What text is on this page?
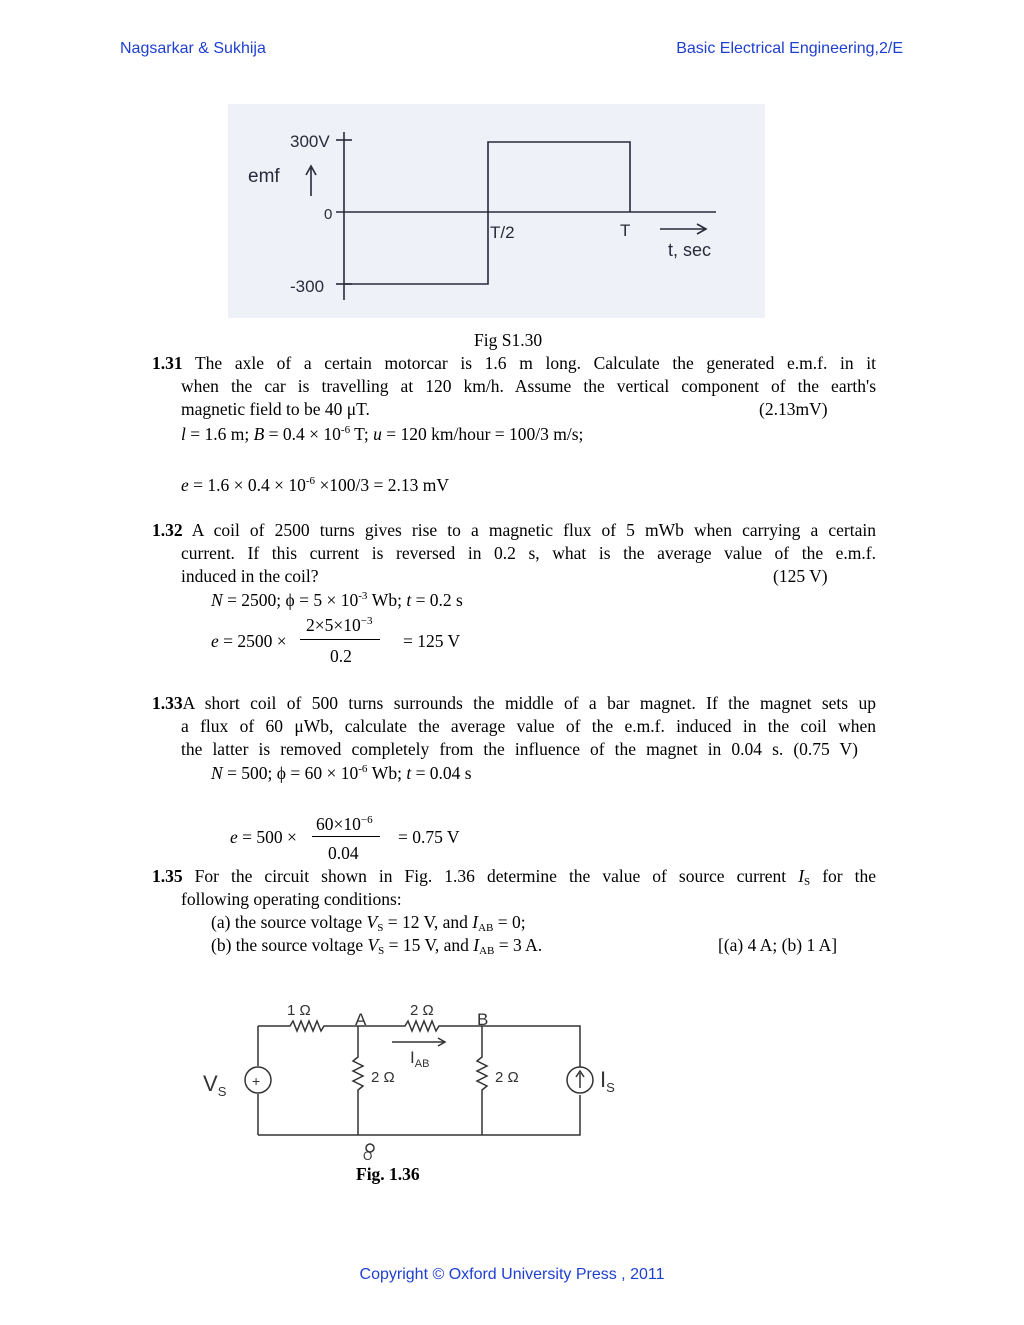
Nagsarkar & Sukhija	Basic Electrical Engineering,2/E
300V
emf
0
-300
T/2	T
t, sec
Fig S1.30
1.31 The axle of a certain motorcar is 1.6 m long. Calculate the generated e.m.f. in it
when the car is travelling at 120 km/h. Assume the vertical component of the earth's
magnetic field to be 40 μT.	(2.13mV)
l = 1.6 m; $B = 0.4 \times 10^{-6}$ T; u = 120 km/hour = 100/3 m/s;
$e = 1.6 \times 0.4 \times 10^{-6} \times 100/3 = 2.13$ mV
1.32 A coil of 2500 turns gives rise to a magnetic flux of 5 mWb when carrying a certain
current. If this current is reversed in 0.2 s, what is the average value of the e.m.f.
induced in the coil?	(125 V)
N = 2500; $\phi = 5 \times 10^{-3}$ Wb; t = 0.2 s
e = 2500 ×
$2\times 5\times 10^{-3}$
0.2
= 125 V
1.33A short coil of 500 turns surrounds the middle of a bar magnet. If the magnet sets up
a flux of 60 μWb, calculate the average value of the e.m.f. induced in the coil when
the latter is removed completely from the influence of the magnet in 0.04 s. (0.75 V)
N = 500; $\phi = 60 \times 10^{-6}$ Wb; t = 0.04 s
e = 500 ×
$60\times 10^{-6}$
0.04
= 0.75 V
1.35 For the circuit shown in Fig. 1.36 determine the value of source current $I_S$ for the
following operating conditions:
(a) the source voltage $V_S = 12$ V, and $I_{AB} = 0$;
(b) the source voltage $V_S = 15$ V, and $I_{AB} = 3$ A.	[(a) 4 A; (b) 1 A]
+
1 Ω	A	2 Ω	B
$I_{AB}$
2 Ω	2 Ω
$V_S$	$I_S$
O
Fig. 1.36
Copyright © Oxford University Press , 2011
